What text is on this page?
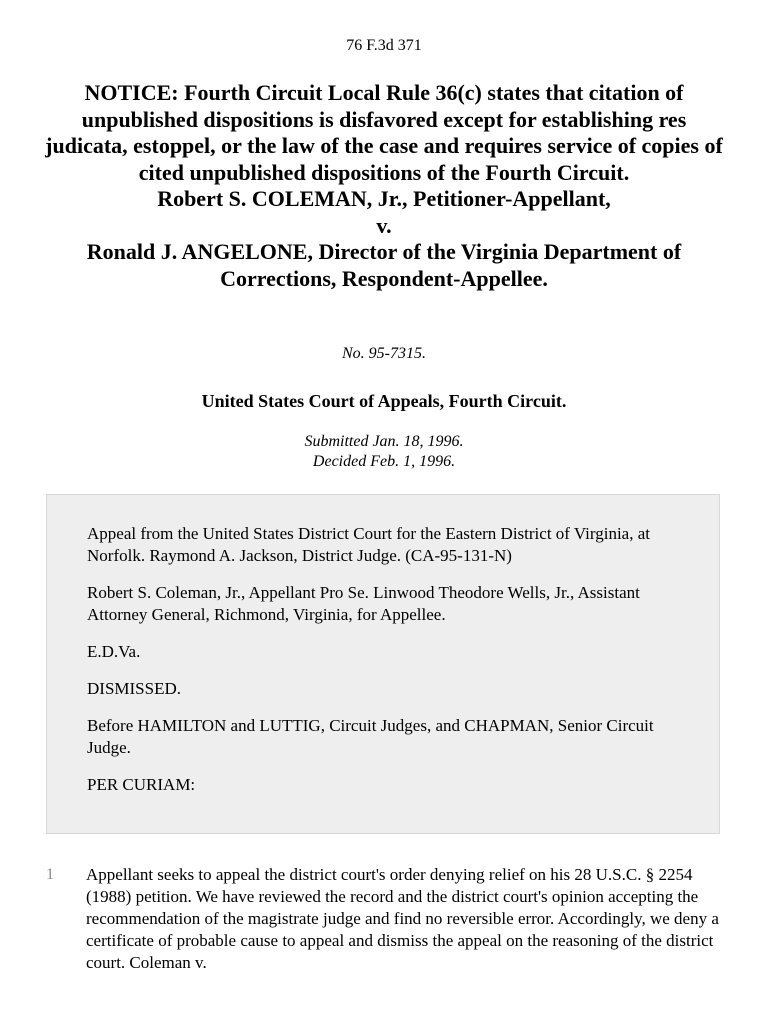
76 F.3d 371
NOTICE: Fourth Circuit Local Rule 36(c) states that citation of unpublished dispositions is disfavored except for establishing res judicata, estoppel, or the law of the case and requires service of copies of cited unpublished dispositions of the Fourth Circuit.
Robert S. COLEMAN, Jr., Petitioner-Appellant,
v.
Ronald J. ANGELONE, Director of the Virginia Department of Corrections, Respondent-Appellee.
No. 95-7315.
United States Court of Appeals, Fourth Circuit.
Submitted Jan. 18, 1996.
Decided Feb. 1, 1996.

Appeal from the United States District Court for the Eastern District of Virginia, at Norfolk. Raymond A. Jackson, District Judge. (CA-95-131-N)

Robert S. Coleman, Jr., Appellant Pro Se. Linwood Theodore Wells, Jr., Assistant Attorney General, Richmond, Virginia, for Appellee.

E.D.Va.

DISMISSED.

Before HAMILTON and LUTTIG, Circuit Judges, and CHAPMAN, Senior Circuit Judge.

PER CURIAM:

1 Appellant seeks to appeal the district court's order denying relief on his 28 U.S.C. § 2254 (1988) petition. We have reviewed the record and the district court's opinion accepting the recommendation of the magistrate judge and find no reversible error. Accordingly, we deny a certificate of probable cause to appeal and dismiss the appeal on the reasoning of the district court. Coleman v.
